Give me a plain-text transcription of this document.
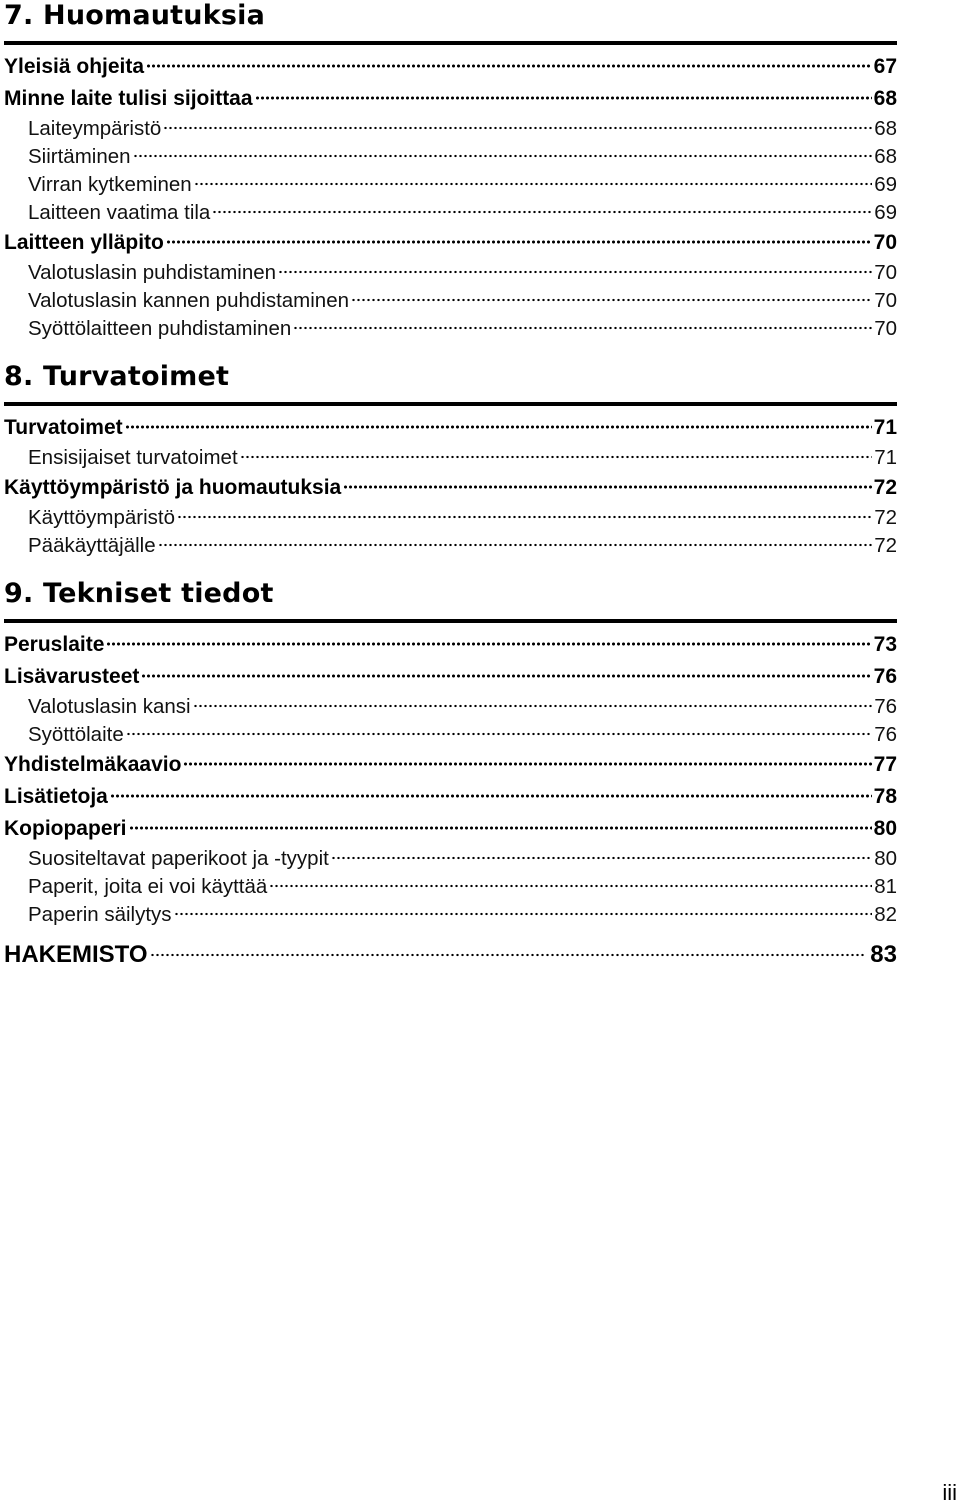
7. Huomautuksia
Yleisiä ohjeita	67
Minne laite tulisi sijoittaa	68
Laiteympäristö	68
Siirtäminen	68
Virran kytkeminen	69
Laitteen vaatima tila	69
Laitteen ylläpito	70
Valotuslasin puhdistaminen	70
Valotuslasin kannen puhdistaminen	70
Syöttölaitteen puhdistaminen	70
8. Turvatoimet
Turvatoimet	71
Ensisijaiset turvatoimet	71
Käyttöympäristö ja huomautuksia	72
Käyttöympäristö	72
Pääkäyttäjälle	72
9. Tekniset tiedot
Peruslaite	73
Lisävarusteet	76
Valotuslasin kansi	76
Syöttölaite	76
Yhdistelmäkaavio	77
Lisätietoja	78
Kopiopaperi	80
Suositeltavat paperikoot ja -tyypit	80
Paperit, joita ei voi käyttää	81
Paperin säilytys	82
HAKEMISTO	83
iii
